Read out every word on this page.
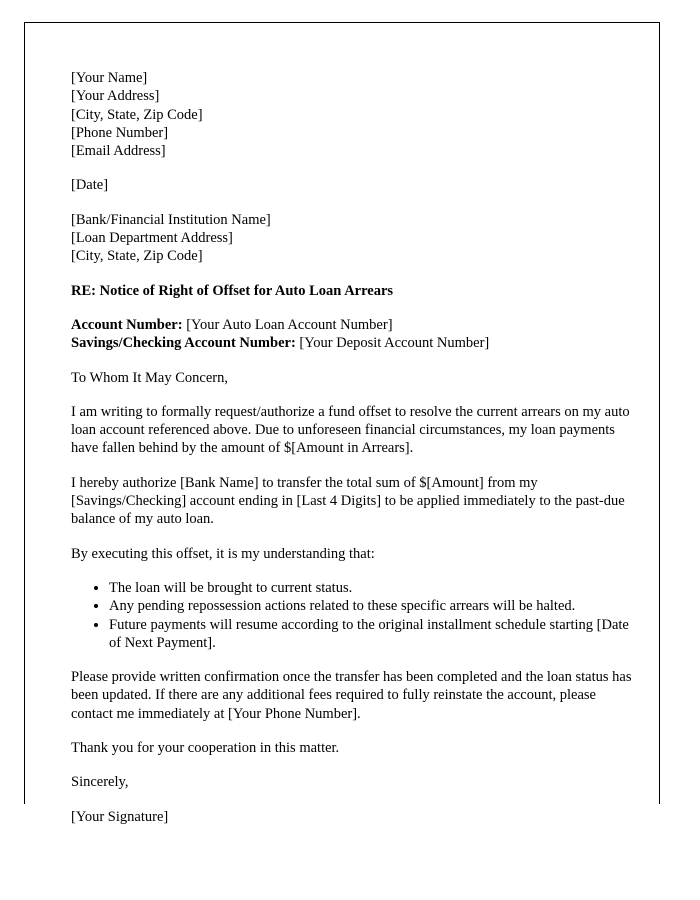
[Your Name]
[Your Address]
[City, State, Zip Code]
[Phone Number]
[Email Address]
[Date]
[Bank/Financial Institution Name]
[Loan Department Address]
[City, State, Zip Code]
RE: Notice of Right of Offset for Auto Loan Arrears
Account Number: [Your Auto Loan Account Number]
Savings/Checking Account Number: [Your Deposit Account Number]
To Whom It May Concern,

I am writing to formally request/authorize a fund offset to resolve the current arrears on my auto loan account referenced above. Due to unforeseen financial circumstances, my loan payments have fallen behind by the amount of $[Amount in Arrears].

I hereby authorize [Bank Name] to transfer the total sum of $[Amount] from my [Savings/Checking] account ending in [Last 4 Digits] to be applied immediately to the past-due balance of my auto loan.

By executing this offset, it is my understanding that:

• The loan will be brought to current status.
• Any pending repossession actions related to these specific arrears will be halted.
• Future payments will resume according to the original installment schedule starting [Date of Next Payment].

Please provide written confirmation once the transfer has been completed and the loan status has been updated. If there are any additional fees required to fully reinstate the account, please contact me immediately at [Your Phone Number].

Thank you for your cooperation in this matter.

Sincerely,

[Your Signature]
